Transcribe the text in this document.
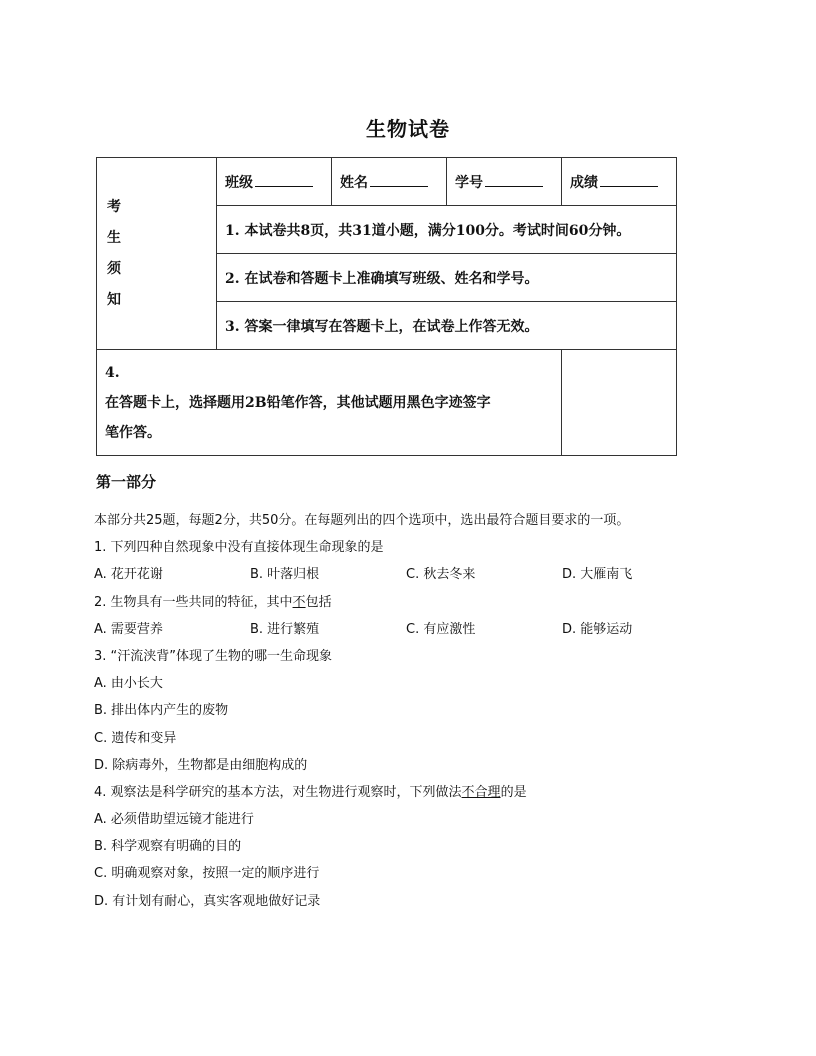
生物试卷
考
生
须
知	班级	姓名	学号	成绩
	1. 本试卷共8页，共31道小题，满分100分。考试时间60分钟。			
	2. 在试卷和答题卡上准确填写班级、姓名和学号。			
	3. 答案一律填写在答题卡上，在试卷上作答无效。			

4.
在答题卡上，选择题用2B铅笔作答，其他试题用黑色字迹签字
笔作答。				

第一部分
本部分共25题，每题2分，共50分。在每题列出的四个选项中，选出最符合题目要求的一项。
1. 下列四种自然现象中没有直接体现生命现象的是
A. 花开花谢	B. 叶落归根	C. 秋去冬来	D. 大雁南飞
2. 生物具有一些共同的特征，其中不包括
A. 需要营养	B. 进行繁殖	C. 有应激性	D. 能够运动
3. “汗流浃背”体现了生物的哪一生命现象
A. 由小长大
B. 排出体内产生的废物
C. 遗传和变异
D. 除病毒外，生物都是由细胞构成的
4. 观察法是科学研究的基本方法，对生物进行观察时，下列做法不合理的是
A. 必须借助望远镜才能进行
B. 科学观察有明确的目的
C. 明确观察对象，按照一定的顺序进行
D. 有计划有耐心，真实客观地做好记录
